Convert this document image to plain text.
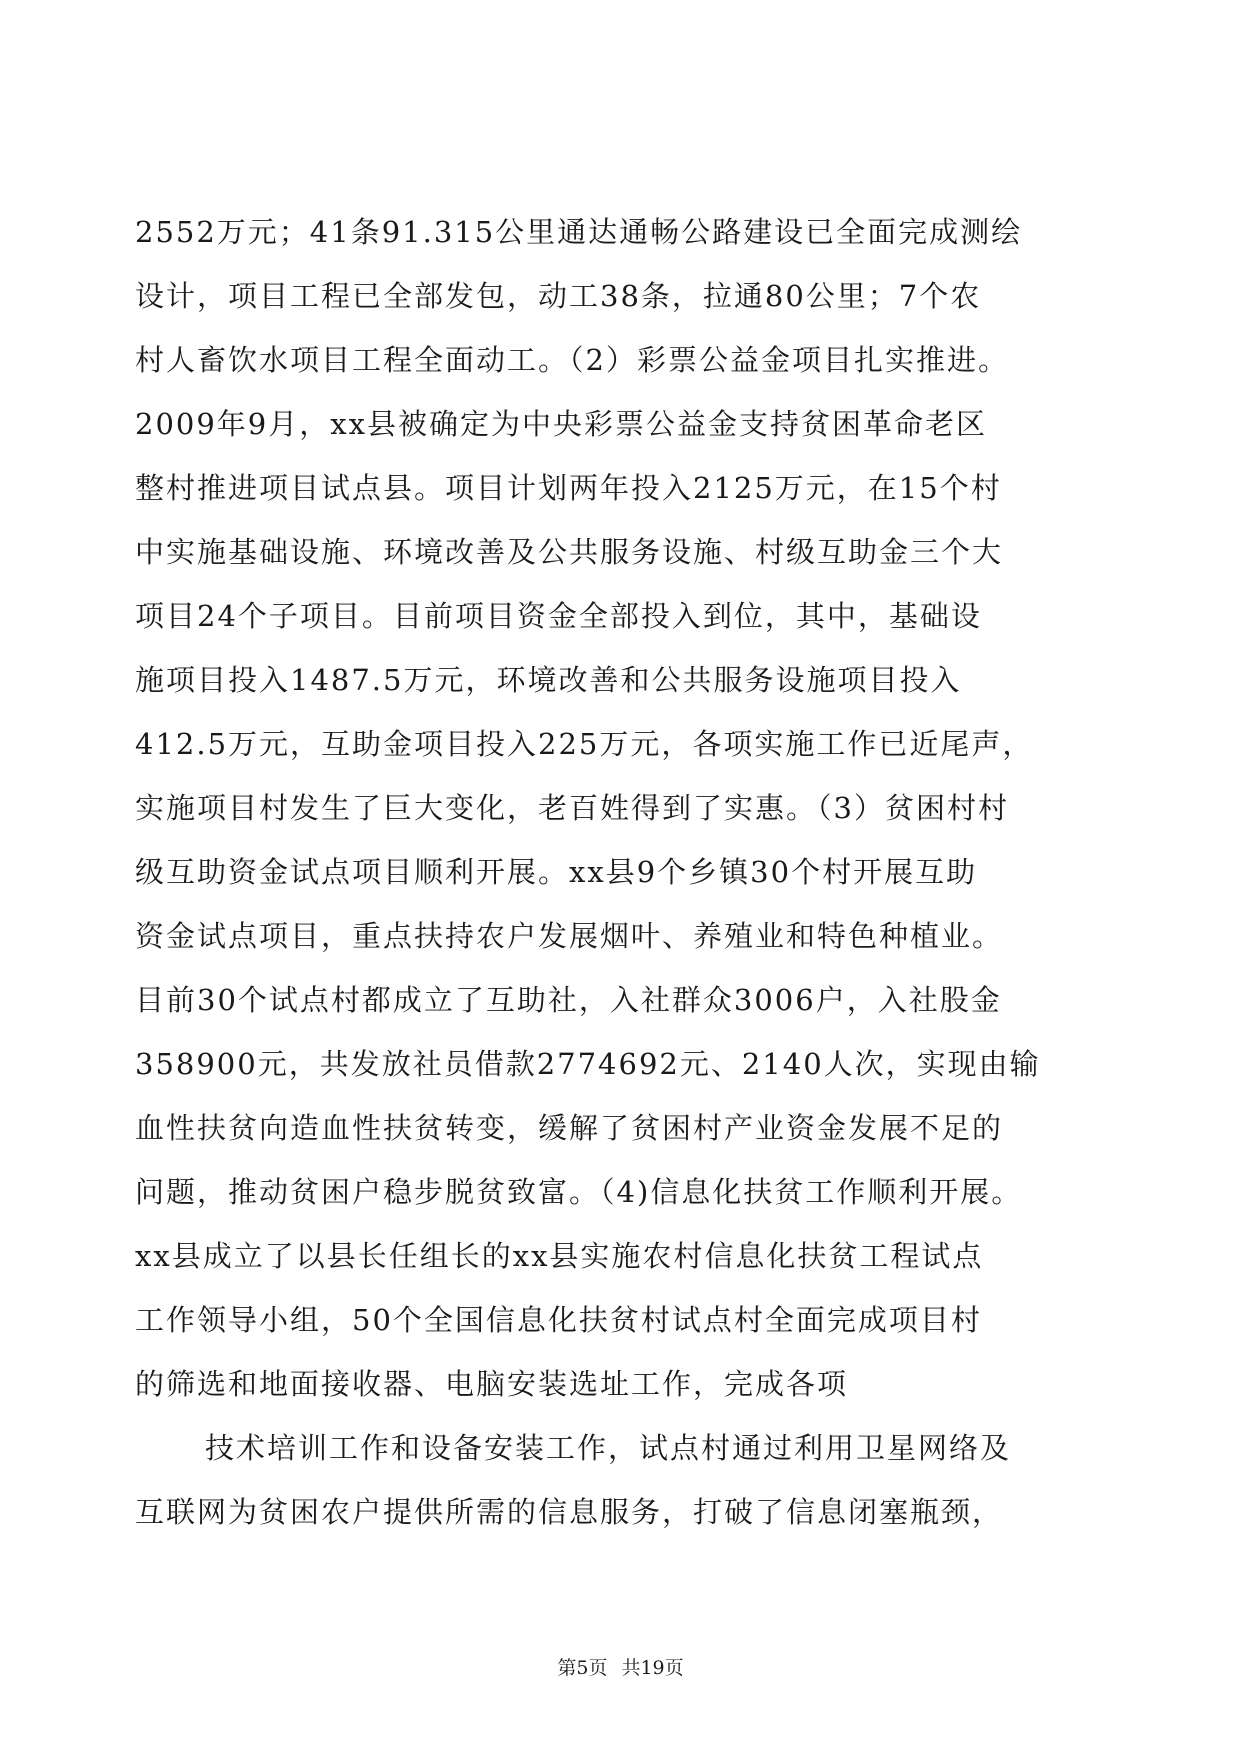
2552万元；41条91.315公里通达通畅公路建设已全面完成测绘
设计，项目工程已全部发包，动工38条，拉通80公里；7个农
村人畜饮水项目工程全面动工。（2）彩票公益金项目扎实推进。
2009年9月，xx县被确定为中央彩票公益金支持贫困革命老区
整村推进项目试点县。项目计划两年投入2125万元，在15个村
中实施基础设施、环境改善及公共服务设施、村级互助金三个大
项目24个子项目。目前项目资金全部投入到位，其中，基础设
施项目投入1487.5万元，环境改善和公共服务设施项目投入
412.5万元，互助金项目投入225万元，各项实施工作已近尾声，
实施项目村发生了巨大变化，老百姓得到了实惠。（3）贫困村村
级互助资金试点项目顺利开展。xx县9个乡镇30个村开展互助
资金试点项目，重点扶持农户发展烟叶、养殖业和特色种植业。
目前30个试点村都成立了互助社，入社群众3006户，入社股金
358900元，共发放社员借款2774692元、2140人次，实现由输
血性扶贫向造血性扶贫转变，缓解了贫困村产业资金发展不足的
问题，推动贫困户稳步脱贫致富。（4)信息化扶贫工作顺利开展。
xx县成立了以县长任组长的xx县实施农村信息化扶贫工程试点
工作领导小组，50个全国信息化扶贫村试点村全面完成项目村
的筛选和地面接收器、电脑安装选址工作，完成各项
技术培训工作和设备安装工作，试点村通过利用卫星网络及
互联网为贫困农户提供所需的信息服务，打破了信息闭塞瓶颈，
第5页 共19页
